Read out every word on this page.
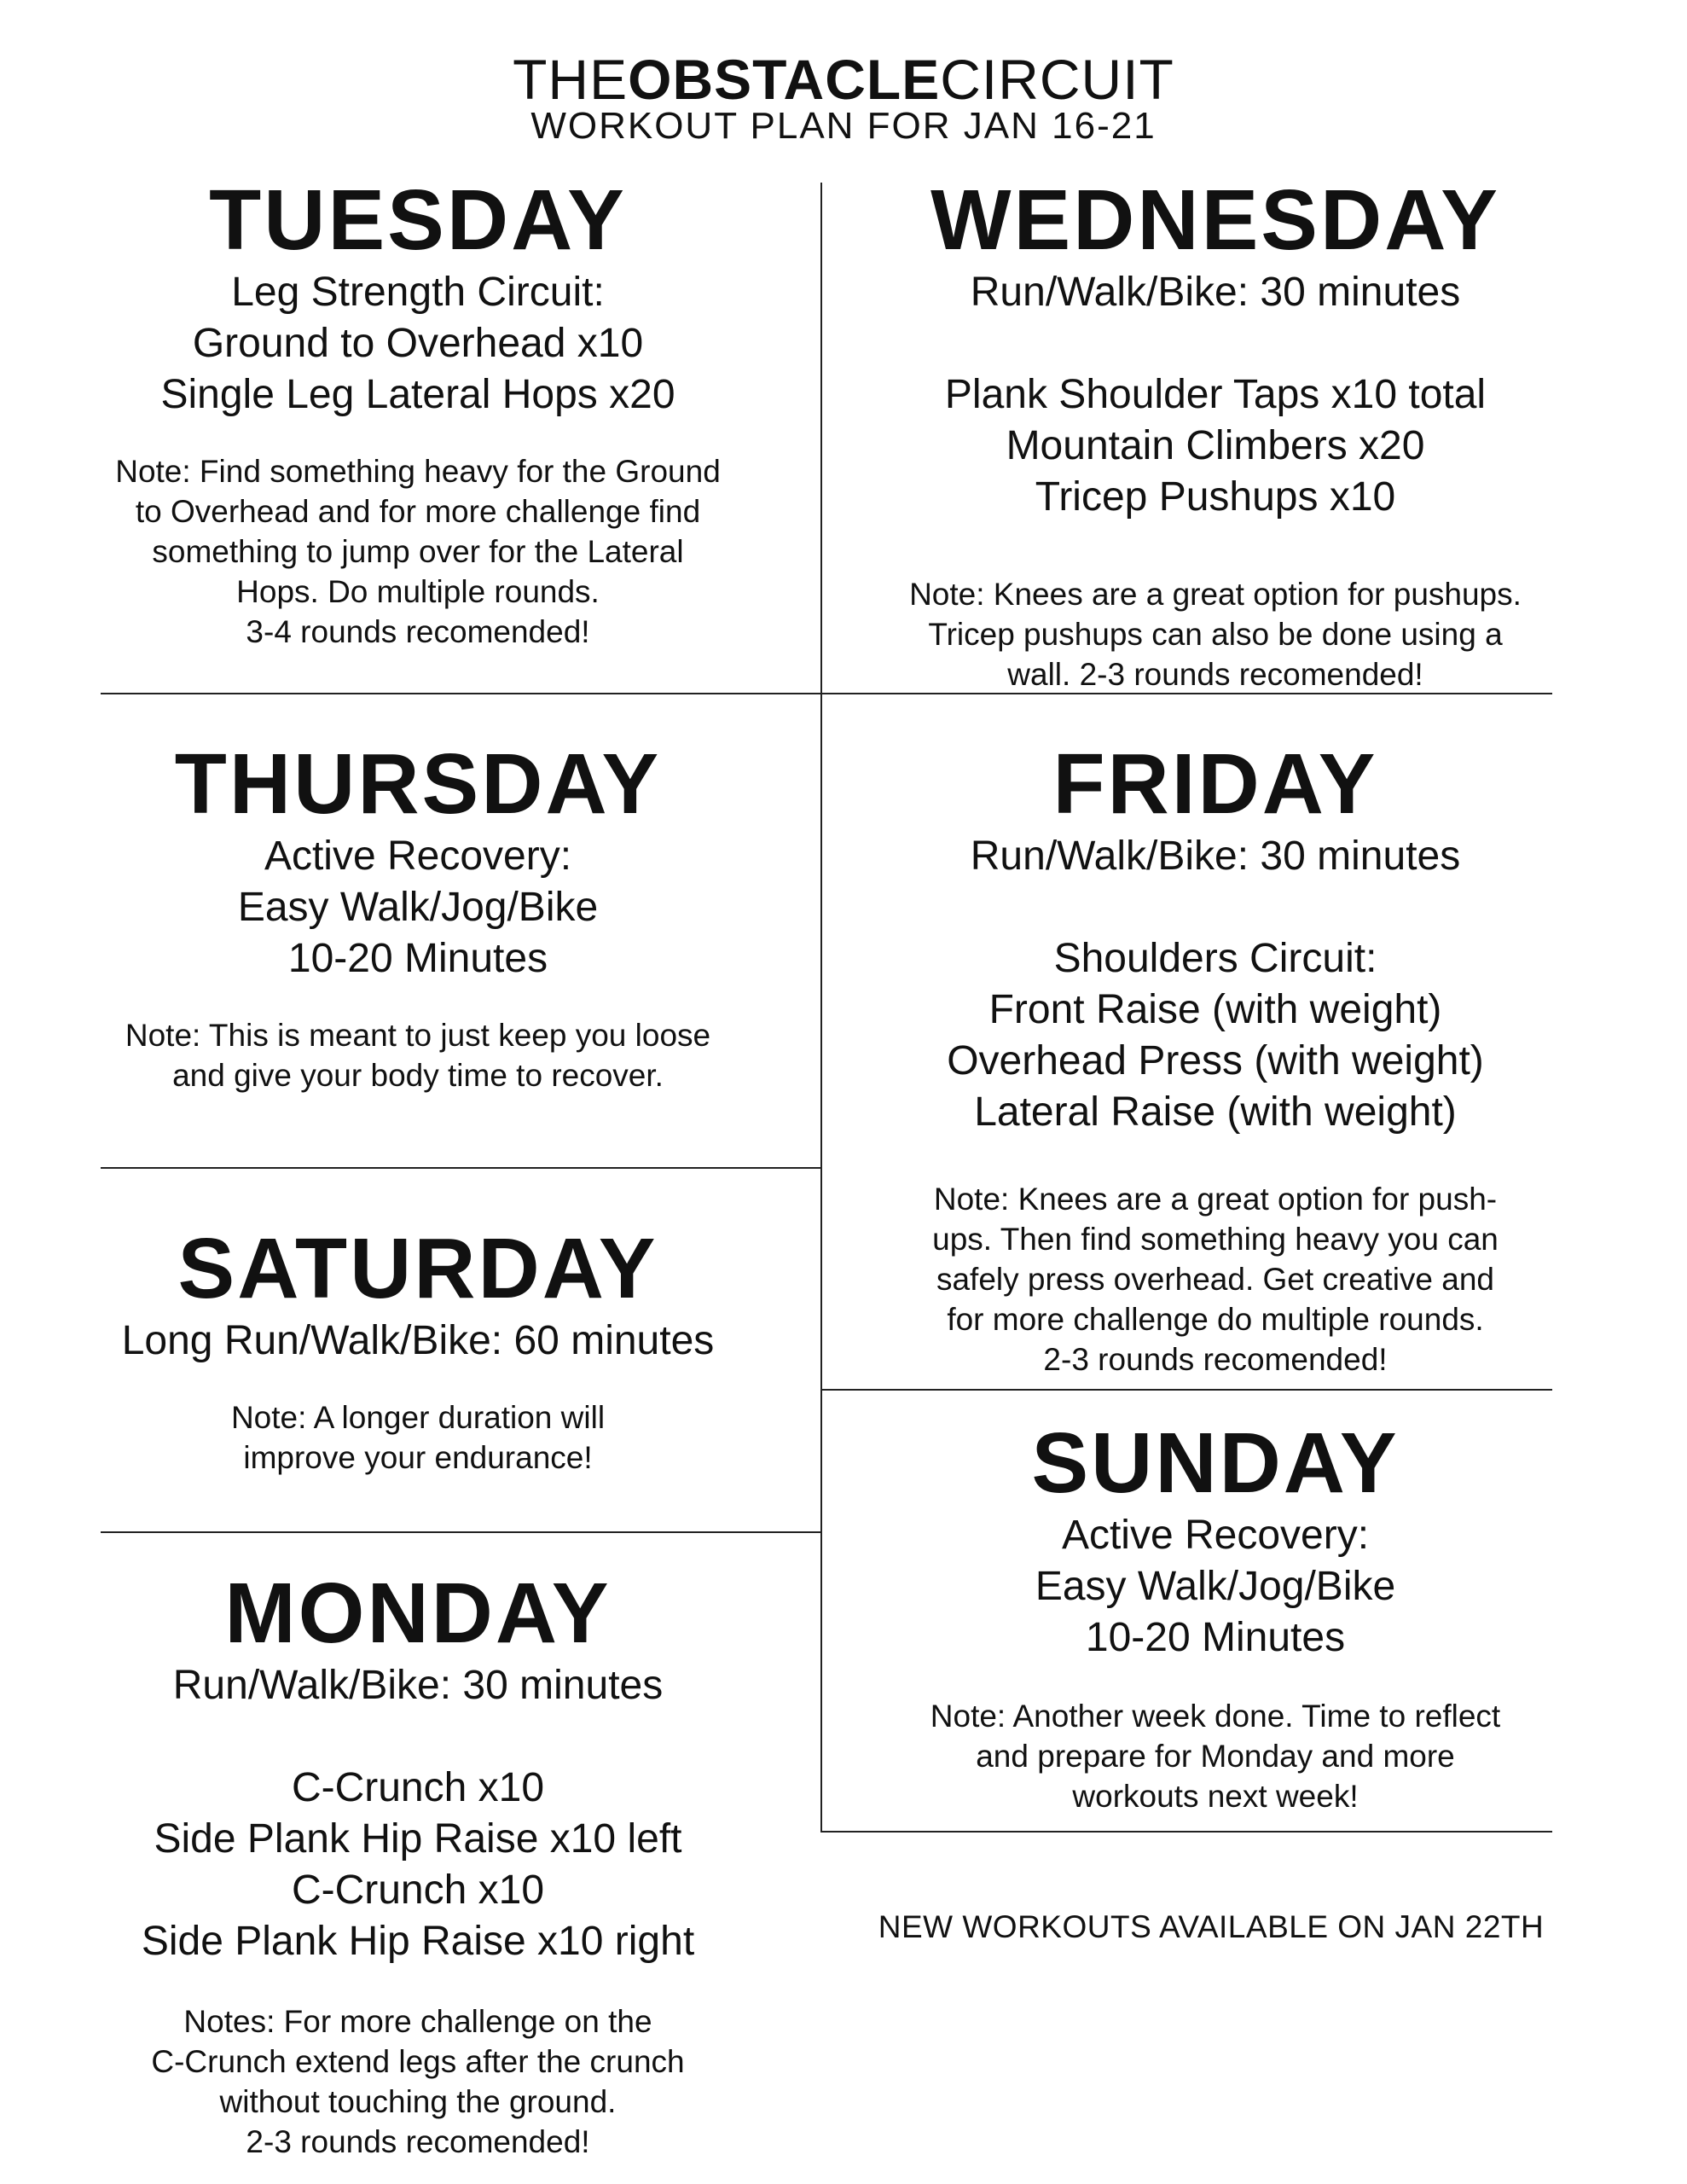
THEOBSTACLECIRCUIT
WORKOUT PLAN FOR JAN 16-21

TUESDAY

Leg Strength Circuit:
Ground to Overhead x10
Single Leg Lateral Hops x20

Note: Find something heavy for the Ground
to Overhead and for more challenge find
something to jump over for the Lateral
Hops. Do multiple rounds.
3-4 rounds recomended!

WEDNESDAY

Run/Walk/Bike: 30 minutes

Plank Shoulder Taps x10 total
Mountain Climbers x20
Tricep Pushups x10

Note: Knees are a great option for pushups.
Tricep pushups can also be done using a
wall. 2-3 rounds recomended!

THURSDAY

Active Recovery:
Easy Walk/Jog/Bike
10-20 Minutes

Note: This is meant to just keep you loose
and give your body time to recover.

FRIDAY

Run/Walk/Bike: 30 minutes

Shoulders Circuit:
Front Raise (with weight)
Overhead Press (with weight)
Lateral Raise (with weight)

Note: Knees are a great option for push-
ups. Then find something heavy you can
safely press overhead. Get creative and
for more challenge do multiple rounds.
2-3 rounds recomended!

SATURDAY

Long Run/Walk/Bike: 60 minutes

Note: A longer duration will
improve your endurance!	SUNDAY

Active Recovery:
Easy Walk/Jog/Bike
10-20 Minutes

Note: Another week done. Time to reflect
and prepare for Monday and more
workouts next week!

MONDAY

Run/Walk/Bike: 30 minutes

C-Crunch x10
Side Plank Hip Raise x10 left
C-Crunch x10
Side Plank Hip Raise x10 right

Notes: For more challenge on the
C-Crunch extend legs after the crunch
without touching the ground.
2-3 rounds recomended!

NEW WORKOUTS AVAILABLE ON JAN 22TH
